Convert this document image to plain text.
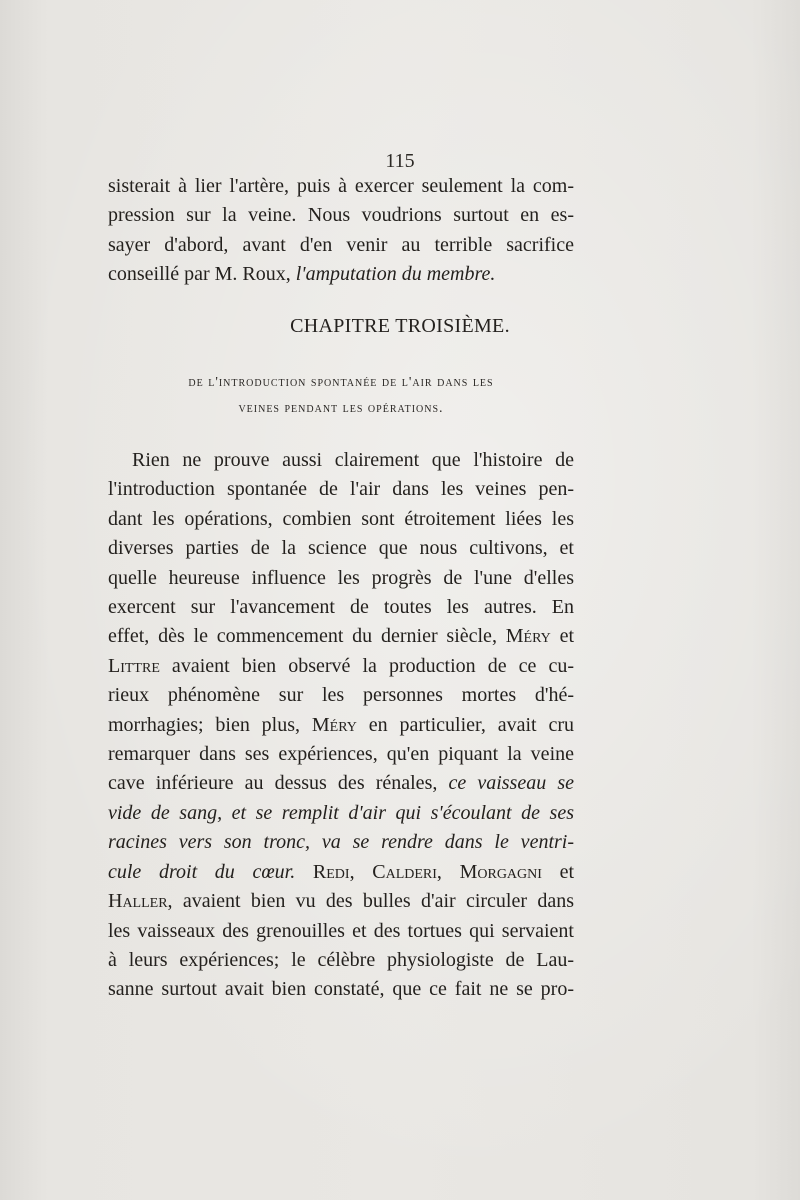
115
sisterait à lier l'artère, puis à exercer seulement la com-
pression sur la veine. Nous voudrions surtout en es-
sayer d'abord, avant d'en venir au terrible sacrifice
conseillé par M. Roux, l'amputation du membre.
CHAPITRE TROISIÈME.
de l'introduction spontanée de l'air dans les
veines pendant les opérations.
Rien ne prouve aussi clairement que l'histoire de
l'introduction spontanée de l'air dans les veines pen-
dant les opérations, combien sont étroitement liées les
diverses parties de la science que nous cultivons, et
quelle heureuse influence les progrès de l'une d'elles
exercent sur l'avancement de toutes les autres. En
effet, dès le commencement du dernier siècle, Méry et
Littre avaient bien observé la production de ce cu-
rieux phénomène sur les personnes mortes d'hé-
morrhagies; bien plus, Méry en particulier, avait cru
remarquer dans ses expériences, qu'en piquant la veine
cave inférieure au dessus des rénales, ce vaisseau se
vide de sang, et se remplit d'air qui s'écoulant de ses
racines vers son tronc, va se rendre dans le ventri-
cule droit du cœur. Redi, Calderi, Morgagni et
Haller, avaient bien vu des bulles d'air circuler dans
les vaisseaux des grenouilles et des tortues qui servaient
à leurs expériences; le célèbre physiologiste de Lau-
sanne surtout avait bien constaté, que ce fait ne se pro-
